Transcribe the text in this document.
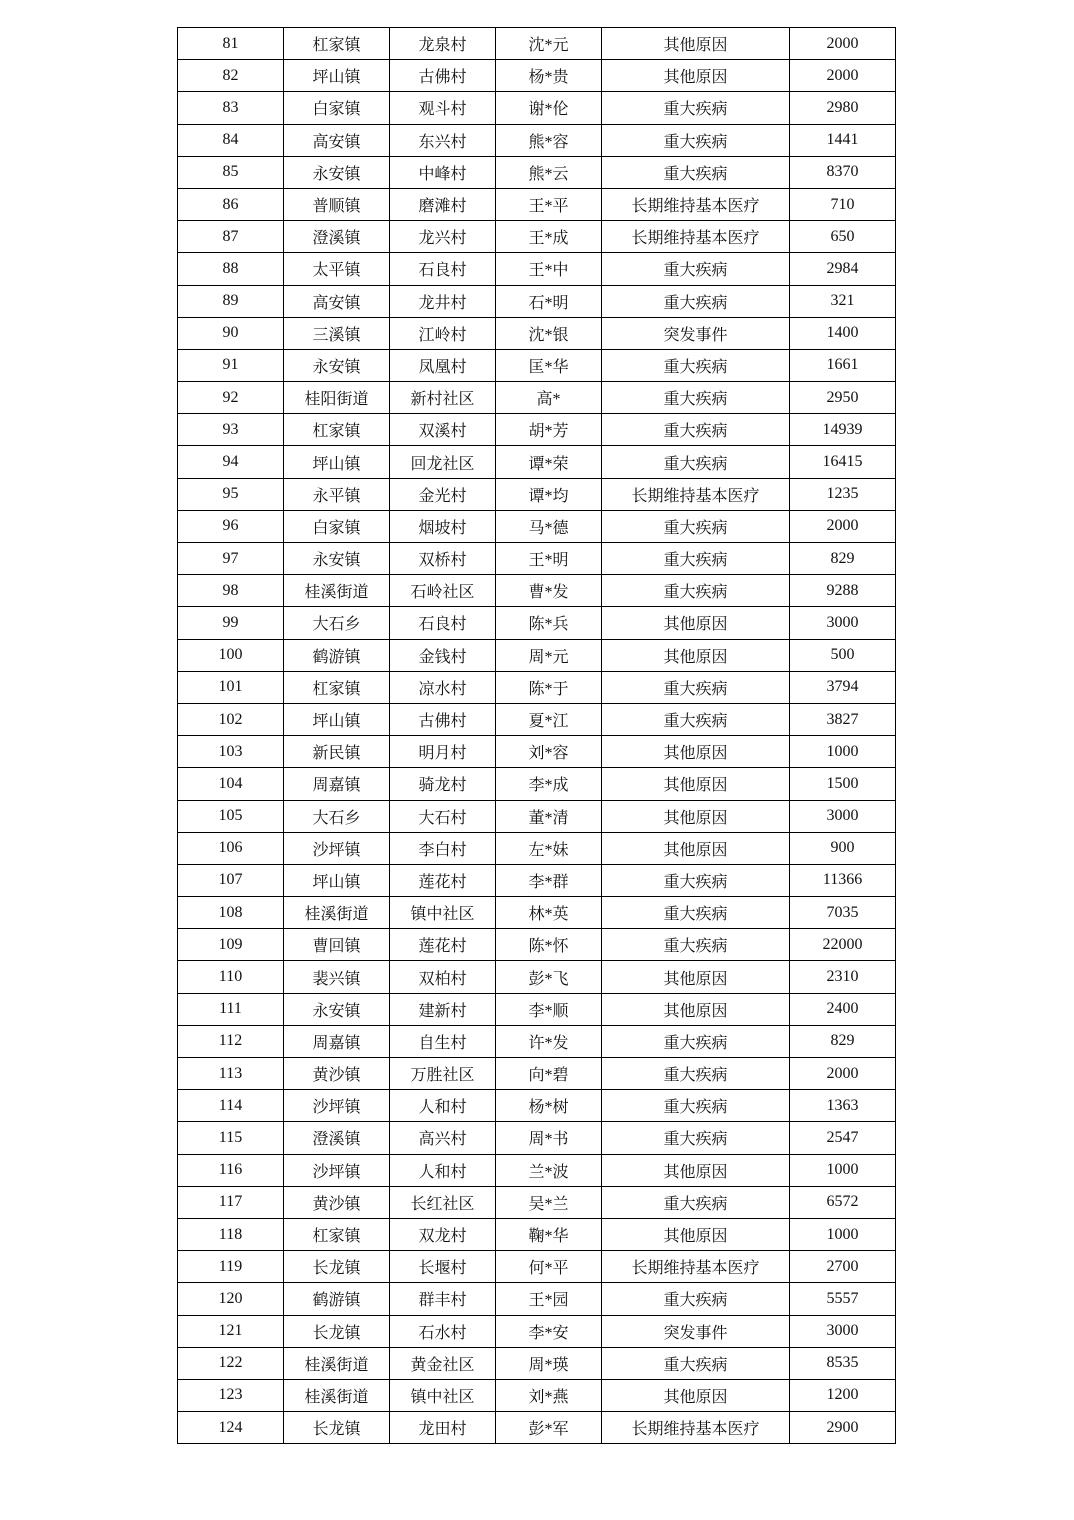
81	杠家镇	龙泉村	沈*元	其他原因	2000
82	坪山镇	古佛村	杨*贵	其他原因	2000
83	白家镇	观斗村	谢*伦	重大疾病	2980
84	高安镇	东兴村	熊*容	重大疾病	1441
85	永安镇	中峰村	熊*云	重大疾病	8370
86	普顺镇	磨滩村	王*平	长期维持基本医疗	710
87	澄溪镇	龙兴村	王*成	长期维持基本医疗	650
88	太平镇	石良村	王*中	重大疾病	2984
89	高安镇	龙井村	石*明	重大疾病	321
90	三溪镇	江岭村	沈*银	突发事件	1400
91	永安镇	凤凰村	匡*华	重大疾病	1661
92	桂阳街道	新村社区	高*	重大疾病	2950
93	杠家镇	双溪村	胡*芳	重大疾病	14939
94	坪山镇	回龙社区	谭*荣	重大疾病	16415
95	永平镇	金光村	谭*均	长期维持基本医疗	1235
96	白家镇	烟坡村	马*德	重大疾病	2000
97	永安镇	双桥村	王*明	重大疾病	829
98	桂溪街道	石岭社区	曹*发	重大疾病	9288
99	大石乡	石良村	陈*兵	其他原因	3000
100	鹤游镇	金钱村	周*元	其他原因	500
101	杠家镇	凉水村	陈*于	重大疾病	3794
102	坪山镇	古佛村	夏*江	重大疾病	3827
103	新民镇	明月村	刘*容	其他原因	1000
104	周嘉镇	骑龙村	李*成	其他原因	1500
105	大石乡	大石村	董*清	其他原因	3000
106	沙坪镇	李白村	左*妹	其他原因	900
107	坪山镇	莲花村	李*群	重大疾病	11366
108	桂溪街道	镇中社区	林*英	重大疾病	7035
109	曹回镇	莲花村	陈*怀	重大疾病	22000
110	裴兴镇	双柏村	彭*飞	其他原因	2310
111	永安镇	建新村	李*顺	其他原因	2400
112	周嘉镇	自生村	许*发	重大疾病	829
113	黄沙镇	万胜社区	向*碧	重大疾病	2000
114	沙坪镇	人和村	杨*树	重大疾病	1363
115	澄溪镇	高兴村	周*书	重大疾病	2547
116	沙坪镇	人和村	兰*波	其他原因	1000
117	黄沙镇	长红社区	吴*兰	重大疾病	6572
118	杠家镇	双龙村	鞠*华	其他原因	1000
119	长龙镇	长堰村	何*平	长期维持基本医疗	2700
120	鹤游镇	群丰村	王*园	重大疾病	5557
121	长龙镇	石水村	李*安	突发事件	3000
122	桂溪街道	黄金社区	周*瑛	重大疾病	8535
123	桂溪街道	镇中社区	刘*燕	其他原因	1200
124	长龙镇	龙田村	彭*军	长期维持基本医疗	2900
